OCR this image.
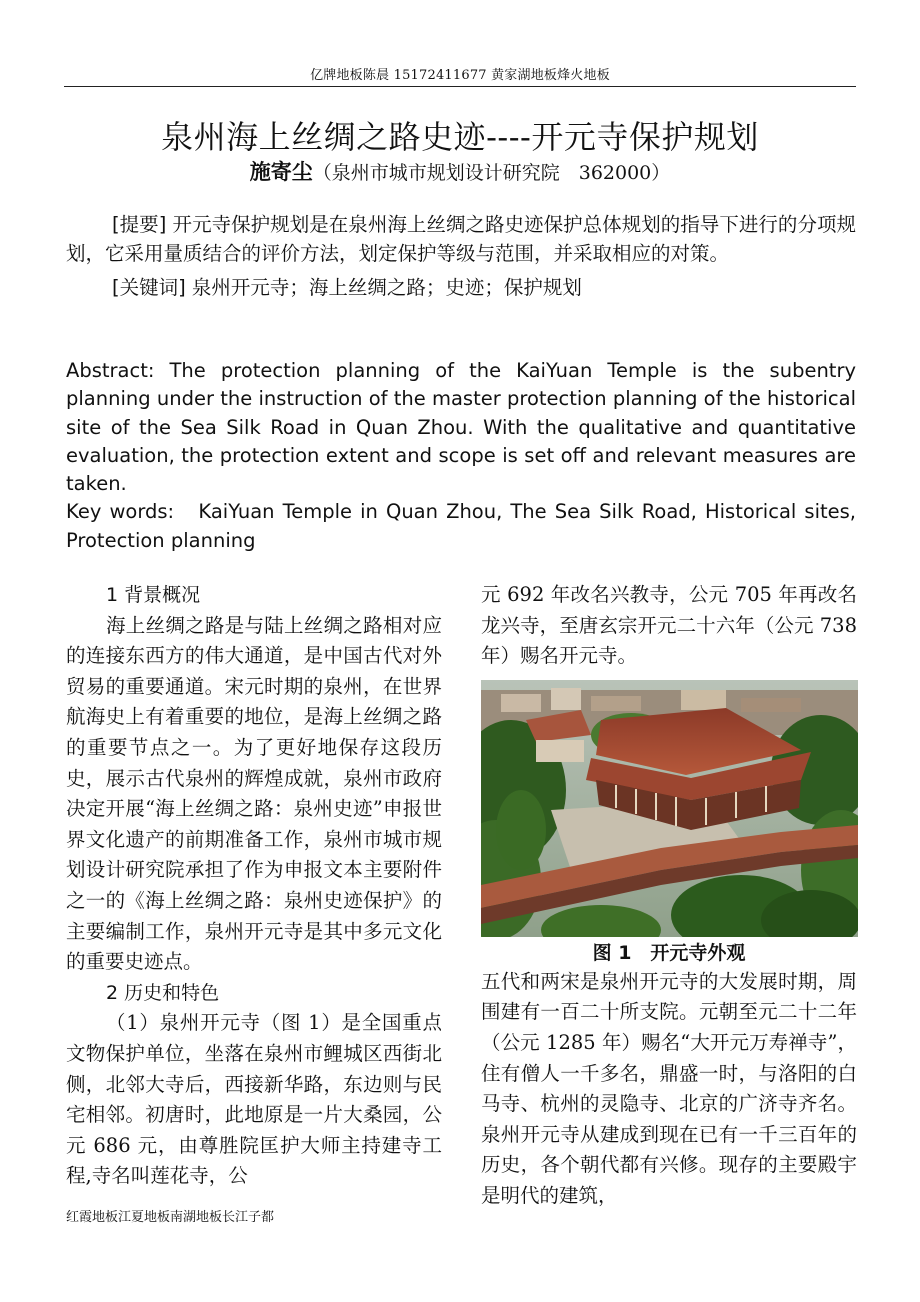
亿牌地板陈晨 15172411677 黄家湖地板烽火地板
泉州海上丝绸之路史迹----开元寺保护规划
施寄尘（泉州市城市规划设计研究院　362000）

[提要] 开元寺保护规划是在泉州海上丝绸之路史迹保护总体规划的指导下进行的分项规划，它采用量质结合的评价方法，划定保护等级与范围，并采取相应的对策。

[关键词] 泉州开元寺；海上丝绸之路；史迹；保护规划

Abstract: The protection planning of the KaiYuan Temple is the subentry planning under the instruction of the master protection planning of the historical site of the Sea Silk Road in Quan Zhou. With the qualitative and quantitative evaluation, the protection extent and scope is set off and relevant measures are taken.

Key words: KaiYuan Temple in Quan Zhou, The Sea Silk Road, Historical sites, Protection planning

1 背景概况

海上丝绸之路是与陆上丝绸之路相对应的连接东西方的伟大通道，是中国古代对外贸易的重要通道。宋元时期的泉州，在世界航海史上有着重要的地位，是海上丝绸之路的重要节点之一。为了更好地保存这段历史，展示古代泉州的辉煌成就，泉州市政府决定开展“海上丝绸之路：泉州史迹”申报世界文化遗产的前期准备工作，泉州市城市规划设计研究院承担了作为申报文本主要附件之一的《海上丝绸之路：泉州史迹保护》的主要编制工作，泉州开元寺是其中多元文化的重要史迹点。

2 历史和特色

（1）泉州开元寺（图 1）是全国重点文物保护单位，坐落在泉州市鲤城区西街北侧，北邻大寺后，西接新华路，东边则与民宅相邻。初唐时，此地原是一片大桑园，公元 686 元，由尊胜院匡护大师主持建寺工程,寺名叫莲花寺，公

元 692 年改名兴教寺，公元 705 年再改名龙兴寺，至唐玄宗开元二十六年（公元 738 年）赐名开元寺。

图 1　开元寺外观

五代和两宋是泉州开元寺的大发展时期，周围建有一百二十所支院。元朝至元二十二年（公元 1285 年）赐名“大开元万寿禅寺”，住有僧人一千多名，鼎盛一时，与洛阳的白马寺、杭州的灵隐寺、北京的广济寺齐名。泉州开元寺从建成到现在已有一千三百年的历史，各个朝代都有兴修。现存的主要殿宇是明代的建筑，

红霞地板江夏地板南湖地板长江子都
